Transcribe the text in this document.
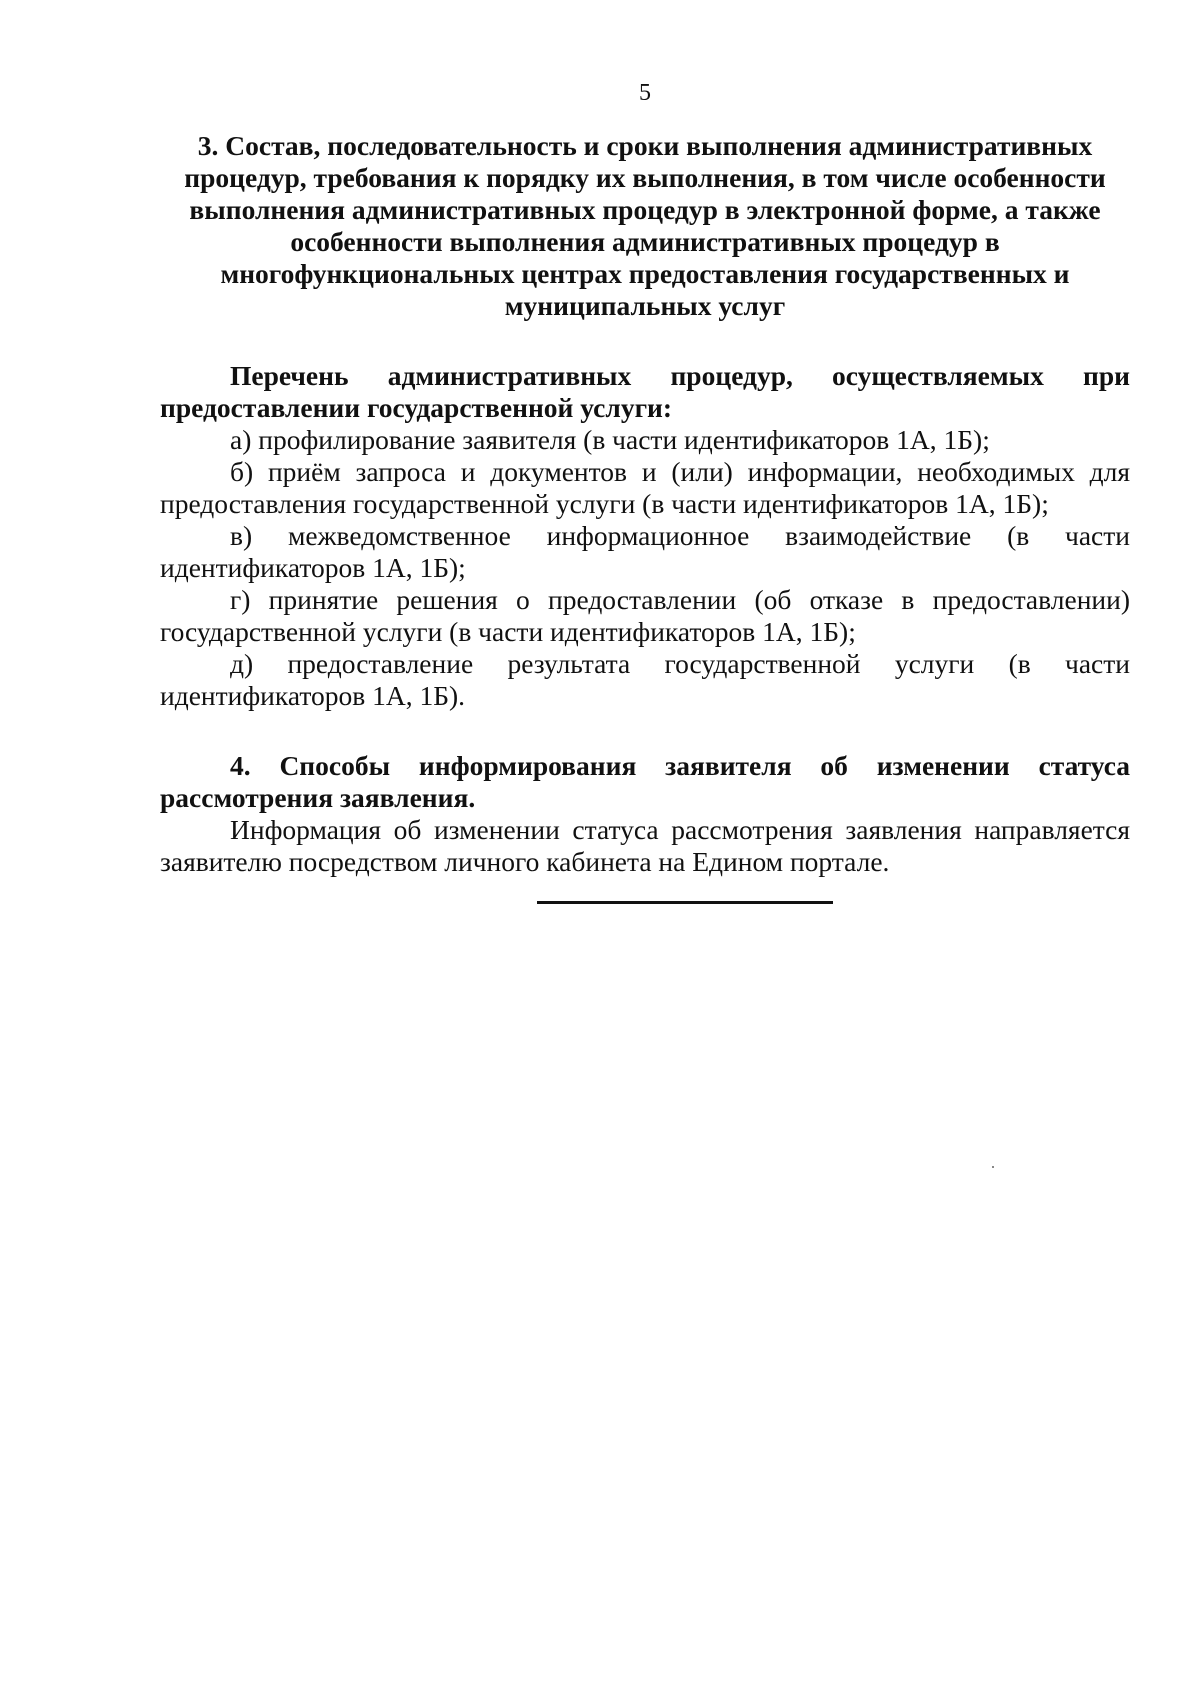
5
3. Состав, последовательность и сроки выполнения административных процедур, требования к порядку их выполнения, в том числе особенности выполнения административных процедур в электронной форме, а также особенности выполнения административных процедур в многофункциональных центрах предоставления государственных и муниципальных услуг

Перечень административных процедур, осуществляемых при предоставлении государственной услуги:

а) профилирование заявителя (в части идентификаторов 1А, 1Б);

б) приём запроса и документов и (или) информации, необходимых для предоставления государственной услуги (в части идентификаторов 1А, 1Б);

в) межведомственное информационное взаимодействие (в части идентификаторов 1А, 1Б);

г) принятие решения о предоставлении (об отказе в предоставлении) государственной услуги (в части идентификаторов 1А, 1Б);

д) предоставление результата государственной услуги (в части идентификаторов 1А, 1Б).

4. Способы информирования заявителя об изменении статуса рассмотрения заявления.

Информация об изменении статуса рассмотрения заявления направляется заявителю посредством личного кабинета на Едином портале.
